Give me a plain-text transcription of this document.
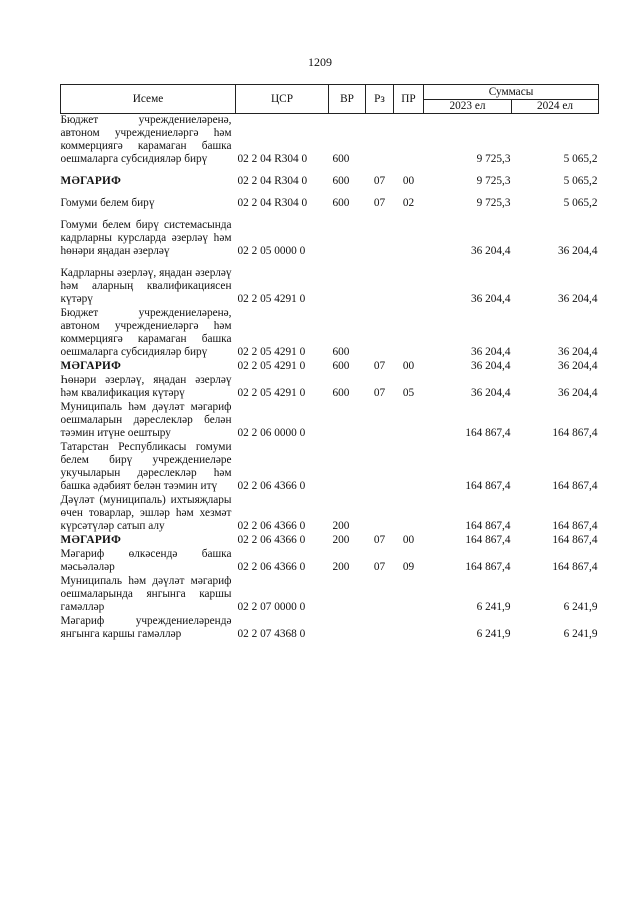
1209
Исеме	ЦСР	ВР	Рз	ПР	Суммасы	
					2023 ел	2024 ел
Бюджет учреждениеләренә, автоном учреждениеләргә һәм коммерциягә карамаган башка оешмаларга субсидияләр бирү	02 2 04 R304 0	600			9 725,3	5 065,2
МӘГАРИФ	02 2 04 R304 0	600	07	00	9 725,3	5 065,2
Гомуми белем бирү	02 2 04 R304 0	600	07	02	9 725,3	5 065,2
Гомуми белем бирү системасында кадрларны курсларда әзерләү һәм һөнәри яңадан әзерләү	02 2 05 0000 0				36 204,4	36 204,4
Кадрларны әзерләү, яңадан әзерләү һәм аларның квалификациясен күтәрү	02 2 05 4291 0				36 204,4	36 204,4
Бюджет учреждениеләренә, автоном учреждениеләргә һәм коммерциягә карамаган башка оешмаларга субсидияләр бирү	02 2 05 4291 0	600			36 204,4	36 204,4
МӘГАРИФ	02 2 05 4291 0	600	07	00	36 204,4	36 204,4
Һөнәри әзерләү, яңадан әзерләү һәм квалификация күтәрү	02 2 05 4291 0	600	07	05	36 204,4	36 204,4
Муниципаль һәм дәүләт мәгариф оешмаларын дәреслекләр белән тәэмин итүне оештыру	02 2 06 0000 0				164 867,4	164 867,4
Татарстан Республикасы гомуми белем бирү учреждениеләре укучыларын дәреслекләр һәм башка әдәбият белән тәэмин итү	02 2 06 4366 0				164 867,4	164 867,4
Дәүләт (муниципаль) ихтыяҗлары өчен товарлар, эшләр һәм хезмәт күрсәтүләр сатып алу	02 2 06 4366 0	200			164 867,4	164 867,4
МӘГАРИФ	02 2 06 4366 0	200	07	00	164 867,4	164 867,4
Мәгариф өлкәсендә башка мәсьәләләр	02 2 06 4366 0	200	07	09	164 867,4	164 867,4
Муниципаль һәм дәүләт мәгариф оешмаларында янгынга каршы гамәлләр	02 2 07 0000 0				6 241,9	6 241,9
Мәгариф учреждениеләрендә янгынга каршы гамәлләр	02 2 07 4368 0				6 241,9	6 241,9
